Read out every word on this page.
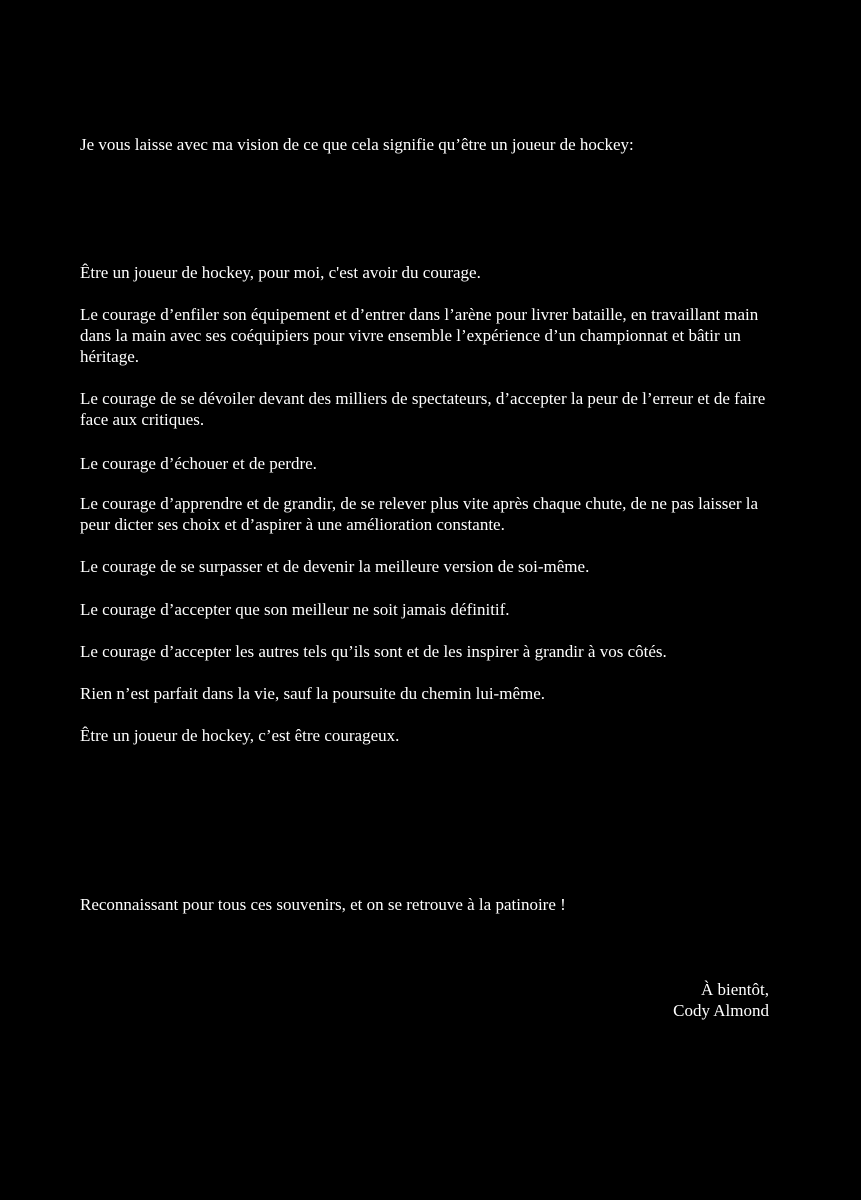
Je vous laisse avec ma vision de ce que cela signifie qu’être un joueur de hockey:

Être un joueur de hockey, pour moi, c'est avoir du courage.

Le courage d’enfiler son équipement et d’entrer dans l’arène pour livrer bataille, en travaillant main dans la main avec ses coéquipiers pour vivre ensemble l’expérience d’un championnat et bâtir un héritage.

Le courage de se dévoiler devant des milliers de spectateurs, d’accepter la peur de l’erreur et de faire face aux critiques.

Le courage d’échouer et de perdre.

Le courage d’apprendre et de grandir, de se relever plus vite après chaque chute, de ne pas laisser la peur dicter ses choix et d’aspirer à une amélioration constante.

Le courage de se surpasser et de devenir la meilleure version de soi-même.

Le courage d’accepter que son meilleur ne soit jamais définitif.

Le courage d’accepter les autres tels qu’ils sont et de les inspirer à grandir à vos côtés.

Rien n’est parfait dans la vie, sauf la poursuite du chemin lui-même.

Être un joueur de hockey, c’est être courageux.

Reconnaissant pour tous ces souvenirs, et on se retrouve à la patinoire !

À bientôt,

Cody Almond
